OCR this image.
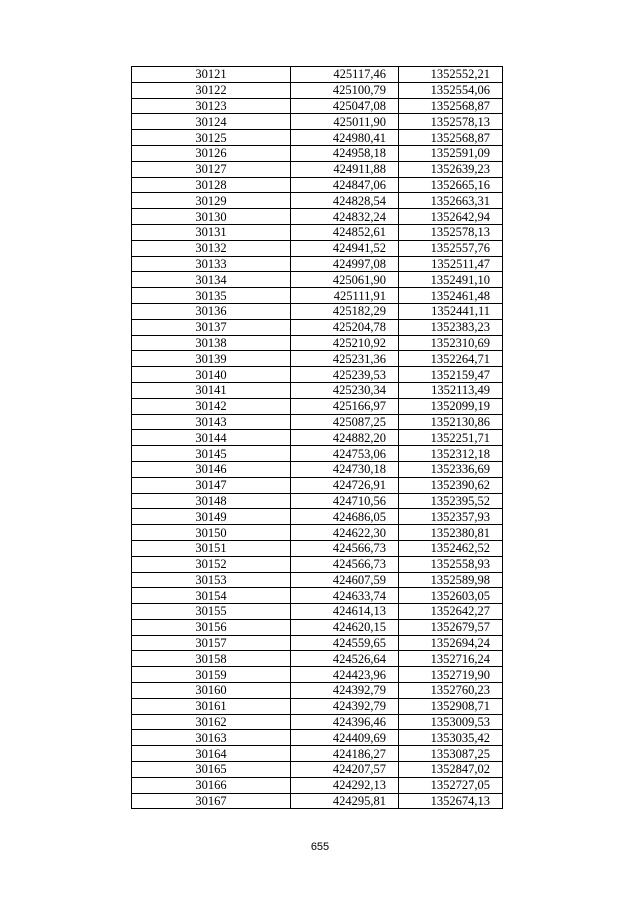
30121	425117,46	1352552,21
30122	425100,79	1352554,06
30123	425047,08	1352568,87
30124	425011,90	1352578,13
30125	424980,41	1352568,87
30126	424958,18	1352591,09
30127	424911,88	1352639,23
30128	424847,06	1352665,16
30129	424828,54	1352663,31
30130	424832,24	1352642,94
30131	424852,61	1352578,13
30132	424941,52	1352557,76
30133	424997,08	1352511,47
30134	425061,90	1352491,10
30135	425111,91	1352461,48
30136	425182,29	1352441,11
30137	425204,78	1352383,23
30138	425210,92	1352310,69
30139	425231,36	1352264,71
30140	425239,53	1352159,47
30141	425230,34	1352113,49
30142	425166,97	1352099,19
30143	425087,25	1352130,86
30144	424882,20	1352251,71
30145	424753,06	1352312,18
30146	424730,18	1352336,69
30147	424726,91	1352390,62
30148	424710,56	1352395,52
30149	424686,05	1352357,93
30150	424622,30	1352380,81
30151	424566,73	1352462,52
30152	424566,73	1352558,93
30153	424607,59	1352589,98
30154	424633,74	1352603,05
30155	424614,13	1352642,27
30156	424620,15	1352679,57
30157	424559,65	1352694,24
30158	424526,64	1352716,24
30159	424423,96	1352719,90
30160	424392,79	1352760,23
30161	424392,79	1352908,71
30162	424396,46	1353009,53
30163	424409,69	1353035,42
30164	424186,27	1353087,25
30165	424207,57	1352847,02
30166	424292,13	1352727,05
30167	424295,81	1352674,13
655
